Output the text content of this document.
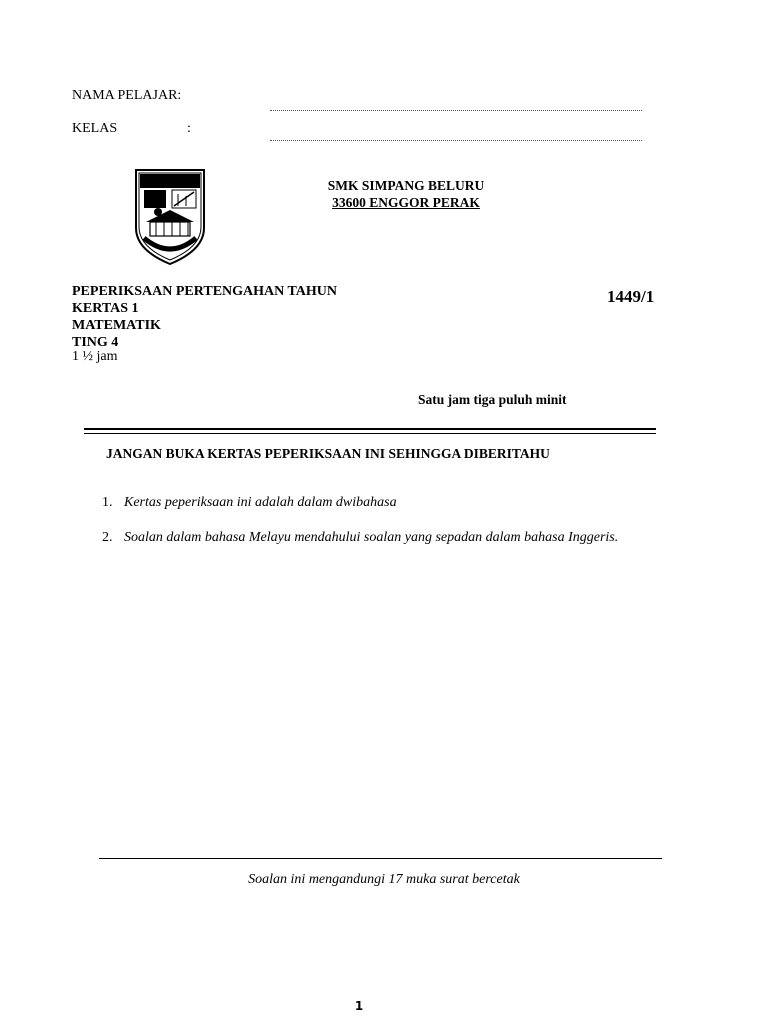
NAMA PELAJAR:
KELAS	:
SMK SIMPANG BELURU
33600 ENGGOR PERAK
PEPERIKSAAN PERTENGAHAN TAHUN
KERTAS 1
MATEMATIK
TING 4
1 ½ jam
1449/1
Satu jam tiga puluh minit
JANGAN BUKA KERTAS PEPERIKSAAN INI SEHINGGA DIBERITAHU
1. Kertas peperiksaan ini adalah dalam dwibahasa
2. Soalan dalam bahasa Melayu mendahului soalan yang sepadan dalam bahasa Inggeris.
Soalan ini mengandungi 17 muka surat bercetak
1
